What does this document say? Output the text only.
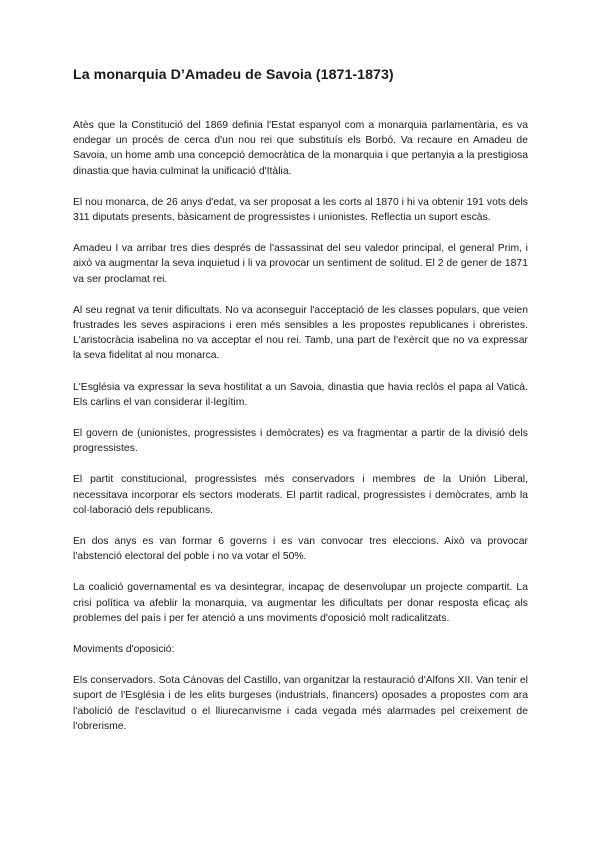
La monarquia D’Amadeu de Savoia (1871-1873)

Atès que la Constitució del 1869 definia l'Estat espanyol com a monarquia parlamentària, es va endegar un procés de cerca d'un nou rei que substituís els Borbó. Va recaure en Amadeu de Savoia, un home amb una concepció democràtica de la monarquia i que pertanyia a la prestigiosa dinastia que havia culminat la unificació d'Itàlia.

El nou monarca, de 26 anys d'edat, va ser proposat a les corts al 1870 i hi va obtenir 191 vots dels 311 diputats presents, bàsicament de progressistes i unionistes. Reflectia un suport escàs.

Amadeu I va arribar tres dies després de l'assassinat del seu valedor principal, el general Prim, i això va augmentar la seva inquietud i li va provocar un sentiment de solitud. El 2 de gener de 1871 va ser proclamat rei.

Al seu regnat va tenir dificultats. No va aconseguir l'acceptació de les classes populars, que veien frustrades les seves aspiracions i eren més sensibles a les propostes republicanes i obreristes. L'aristocràcia isabelina no va acceptar el nou rei. Tamb, una part de l'exèrcit que no va expressar la seva fidelitat al nou monarca.

L'Església va expressar la seva hostilitat a un Savoia, dinastia que havia reclòs el papa al Vaticà. Els carlins el van considerar il·legítim.

El govern de (unionistes, progressistes i demòcrates) es va fragmentar a partir de la divisió dels progressistes.

El partit constitucional, progressistes més conservadors i membres de la Unión Liberal, necessitava incorporar els sectors moderats. El partit radical, progressistes i demòcrates, amb la col·laboració dels republicans.

En dos anys es van formar 6 governs i es van convocar tres eleccions. Això va provocar l'abstenció electoral del poble i no va votar el 50%.

La coalició governamental es va desintegrar, incapaç de desenvolupar un projecte compartit. La crisi política va afeblir la monarquia, va augmentar les dificultats per donar resposta eficaç als problemes del país i per fer atenció a uns moviments d'oposició molt radicalitzats.

Moviments d'oposició:

Els conservadors. Sota Cánovas del Castillo, van organitzar la restauració d'Alfons XII. Van tenir el suport de l'Església i de les elits burgeses (industrials, financers) oposades a propostes com ara l'abolició de l'esclavitud o el lliurecanvisme i cada vegada més alarmades pel creixement de l'obrerisme.
